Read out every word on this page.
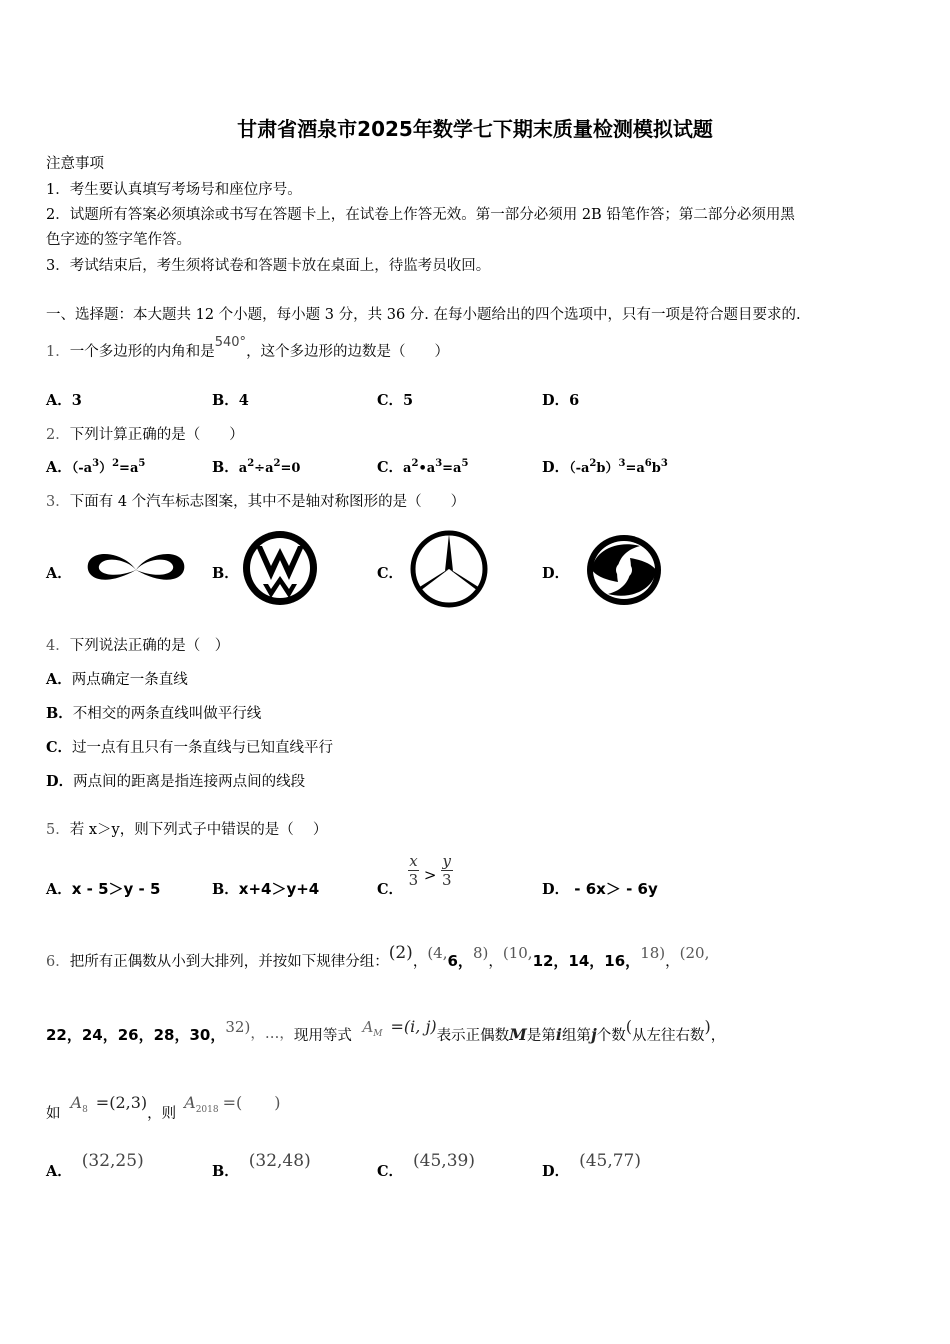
甘肃省酒泉市2025年数学七下期末质量检测模拟试题
注意事项
1．考生要认真填写考场号和座位序号。
2．试题所有答案必须填涂或书写在答题卡上，在试卷上作答无效。第一部分必须用 2B 铅笔作答；第二部分必须用黑
色字迹的签字笔作答。
3．考试结束后，考生须将试卷和答题卡放在桌面上，待监考员收回。
一、选择题：本大题共 12 个小题，每小题 3 分，共 36 分. 在每小题给出的四个选项中，只有一项是符合题目要求的.
1．一个多边形的内角和是540°，这个多边形的边数是（　　）
A．3	B．4	C．5	D．6
2．下列计算正确的是（　　）
A．$(-a^3)^2=a^5$	B．$a^2\div a^2=0$	C．$a^2•a^3=a^5$	D．$(-a^2b)^3=a^6b^3$
3．下面有 4 个汽车标志图案，其中不是轴对称图形的是（　　）
A．	B．	C．	D．
4．下列说法正确的是（　）
A．两点确定一条直线
B．不相交的两条直线叫做平行线
C．过一点有且只有一条直线与已知直线平行
D．两点间的距离是指连接两点间的线段
5．若 x＞y，则下列式子中错误的是（　 ）
A．x - 5＞y - 5	B．x+4＞y+4	C．
$\frac{x}{3} > \frac{y}{3}$
D． - 6x＞ - 6y
6．把所有正偶数从小到大排列，并按如下规律分组：(2)，(4,6，8)，(10,12，14，16，18)，(20,
22，24，26，28，30，32)，…，现用等式 $A_M =(i$, j)表示正偶数M是第i组第j个数(从左往右数)，
如$A_8 =(2,3)$，则$A_{2018}$ =(　　)
A．(32,25)
B．(32,48)
C．(45,39)
D．(45,77)
